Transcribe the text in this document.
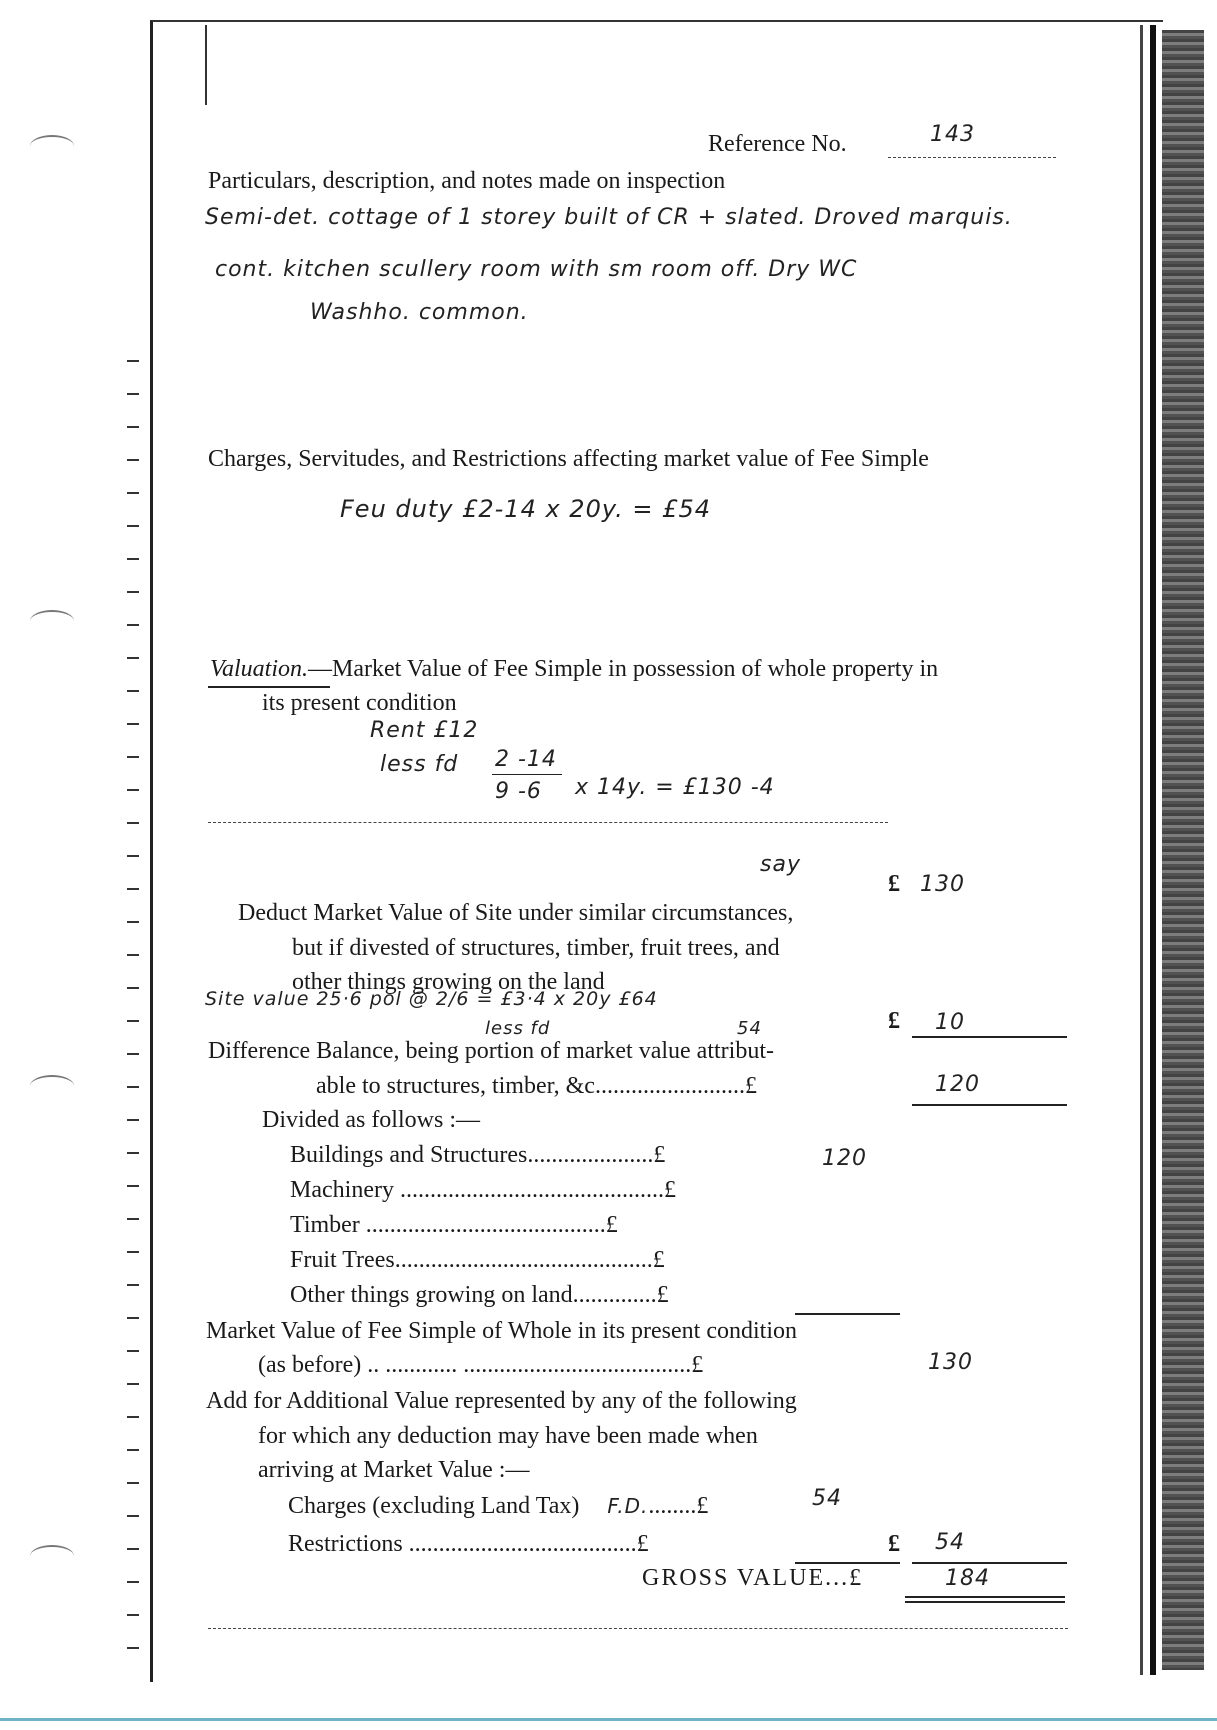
Reference No.	143
Particulars, description, and notes made on inspection
Semi-det. cottage of 1 storey built of CR + slated. Droved marquis.
cont. kitchen scullery room with sm room off. Dry WC
Washho. common.
Charges, Servitudes, and Restrictions affecting market value of Fee Simple
Feu duty £2-14 x 20y. = £54
Valuation.—Market Value of Fee Simple in possession of whole property in
its present condition
Rent £12
less fd 2 -14
9 -6 x 14y. = £130 -4
say
£ 130
Deduct Market Value of Site under similar circumstances,
but if divested of structures, timber, fruit trees, and
other things growing on the land
Site value 25·6 pol @ 2/6 = £3·4 x 20y £64
less fd	54	£ 10
Difference Balance, being portion of market value attribut-
able to structures, timber, &c.........................£	120
Divided as follows :—
Buildings and Structures.....................£	120
Machinery ............................................£
Timber ........................................£
Fruit Trees...........................................£
Other things growing on land..............£
Market Value of Fee Simple of Whole in its present condition
(as before) .. ............ ......................................£	130
Add for Additional Value represented by any of the following
for which any deduction may have been made when
arriving at Market Value :—
Charges (excluding Land Tax) F.D.........£	54
Restrictions ......................................£	£ 54
GROSS VALUE...£	184
